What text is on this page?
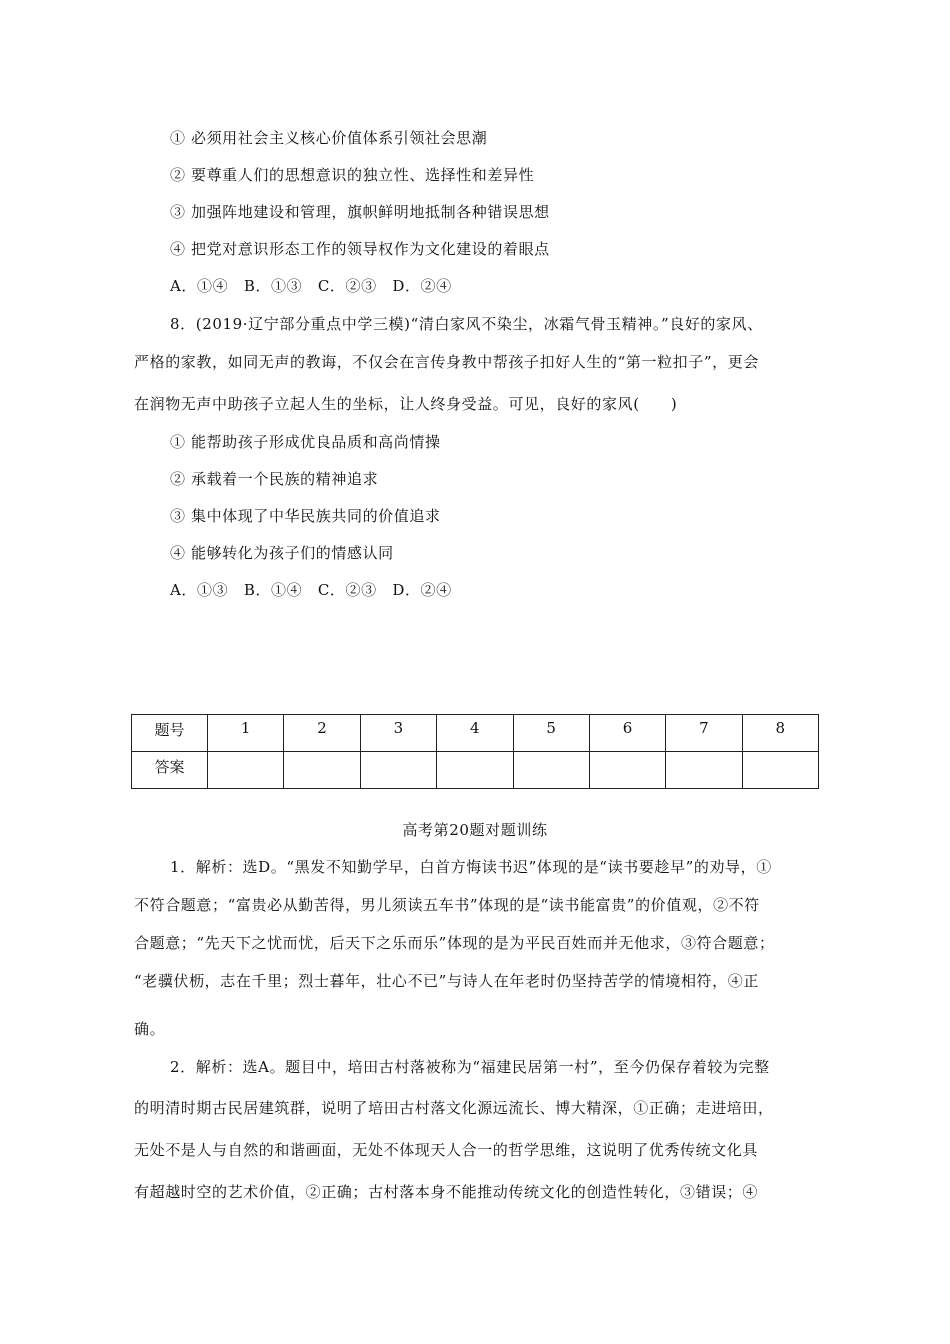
① 必须用社会主义核心价值体系引领社会思潮
② 要尊重人们的思想意识的独立性、选择性和差异性
③ 加强阵地建设和管理，旗帜鲜明地抵制各种错误思想
④ 把党对意识形态工作的领导权作为文化建设的着眼点
A．①④　B．①③　C．②③　D．②④
8．(2019·辽宁部分重点中学三模)“清白家风不染尘，冰霜气骨玉精神。”良好的家风、
严格的家教，如同无声的教诲，不仅会在言传身教中帮孩子扣好人生的“第一粒扣子”，更会
在润物无声中助孩子立起人生的坐标，让人终身受益。可见，良好的家风(　　)
① 能帮助孩子形成优良品质和高尚情操
② 承载着一个民族的精神追求
③ 集中体现了中华民族共同的价值追求
④ 能够转化为孩子们的情感认同
A．①③　B．①④　C．②③　D．②④
题号	1	2	3	4	5	6	7	8
答案								
高考第20题对题训练
1．解析：选D。“黑发不知勤学早，白首方悔读书迟”体现的是“读书要趁早”的劝导，①
不符合题意；“富贵必从勤苦得，男儿须读五车书”体现的是“读书能富贵”的价值观，②不符
合题意；“先天下之忧而忧，后天下之乐而乐”体现的是为平民百姓而并无他求，③符合题意；
“老骥伏枥，志在千里；烈士暮年，壮心不已”与诗人在年老时仍坚持苦学的情境相符，④正
确。
2．解析：选A。题目中，培田古村落被称为“福建民居第一村”，至今仍保存着较为完整
的明清时期古民居建筑群，说明了培田古村落文化源远流长、博大精深，①正确；走进培田，
无处不是人与自然的和谐画面，无处不体现天人合一的哲学思维，这说明了优秀传统文化具
有超越时空的艺术价值，②正确；古村落本身不能推动传统文化的创造性转化，③错误；④
